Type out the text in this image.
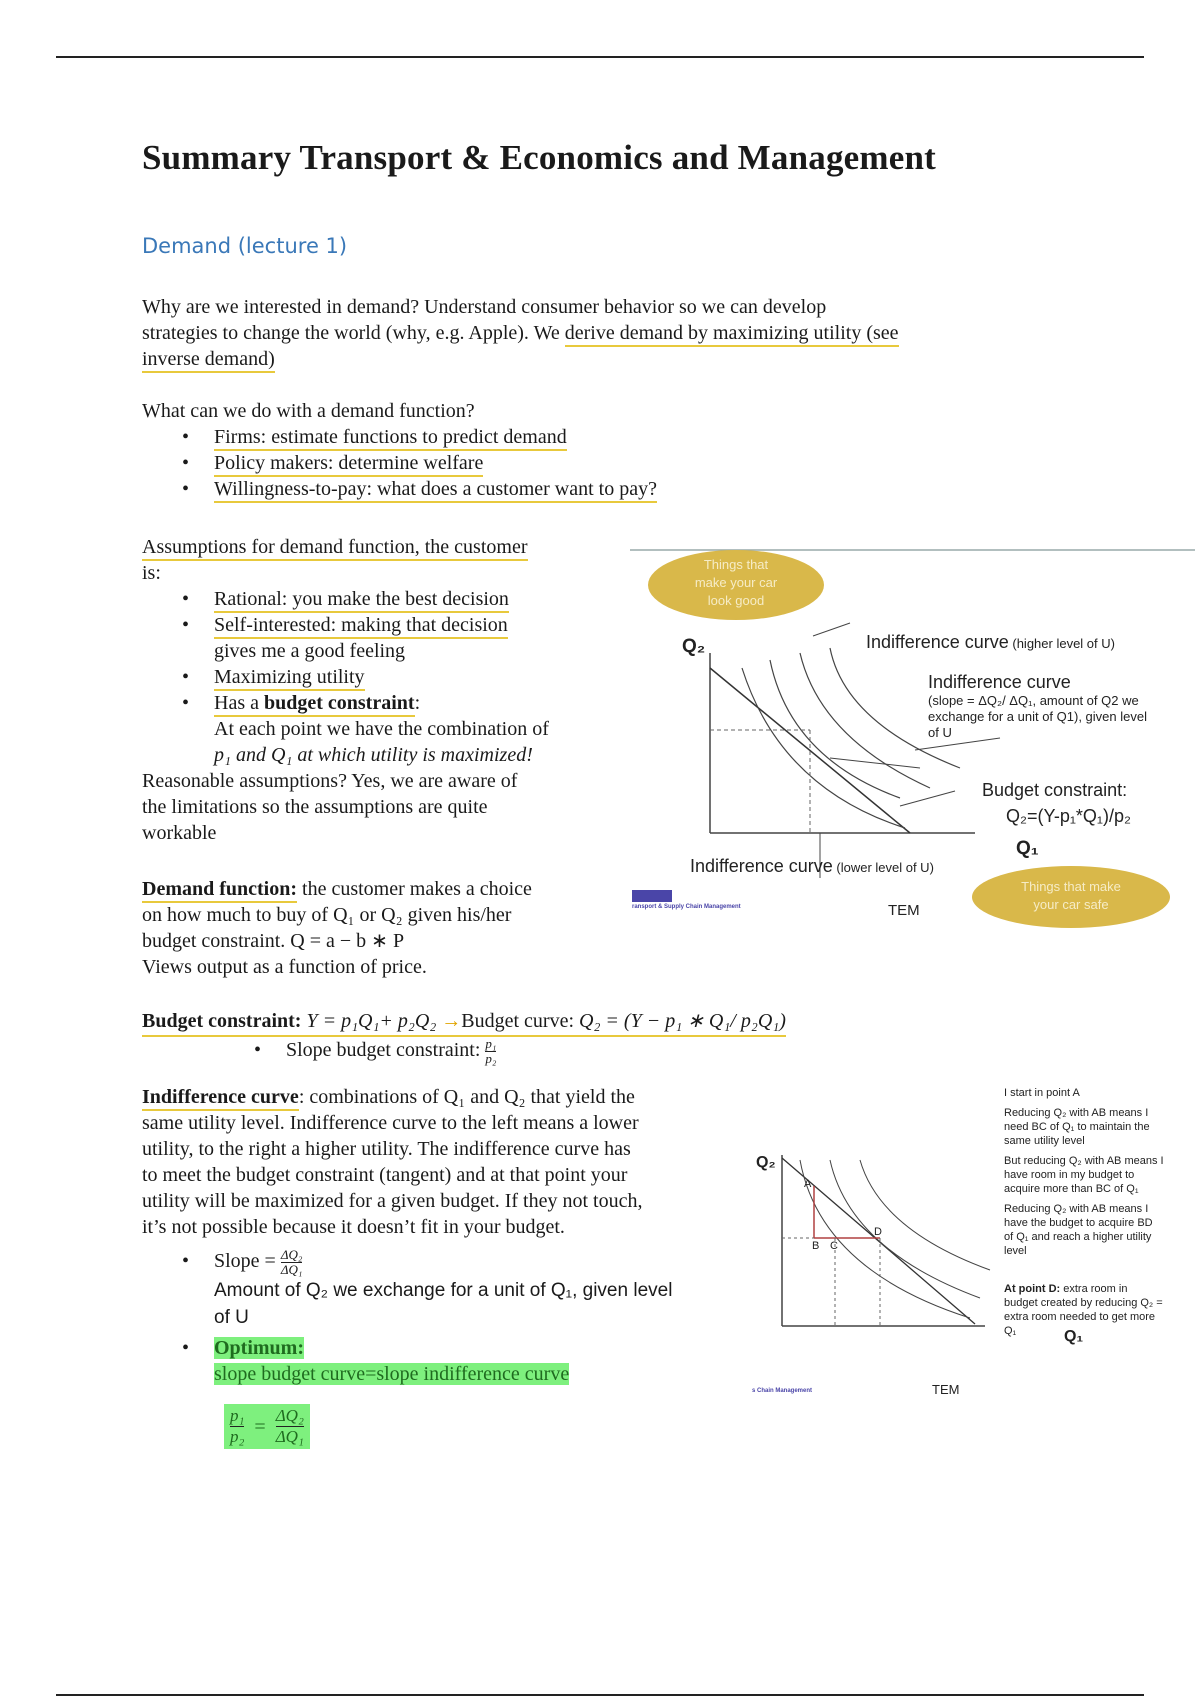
Summary Transport & Economics and Management
Demand (lecture 1)
Why are we interested in demand? Understand consumer behavior so we can develop
strategies to change the world (why, e.g. Apple). We derive demand by maximizing utility (see
inverse demand)
What can we do with a demand function?
• Firms: estimate functions to predict demand
• Policy makers: determine welfare
• Willingness-to-pay: what does a customer want to pay?
Assumptions for demand function, the customer
is:
• Rational: you make the best decision
• Self-interested: making that decision
gives me a good feeling
• Maximizing utility
• Has a budget constraint:
At each point we have the combination of
p₁ and Q₁ at which utility is maximized!
Reasonable assumptions? Yes, we are aware of
the limitations so the assumptions are quite
workable
Demand function: the customer makes a choice
on how much to buy of Q₁ or Q₂ given his/her
budget constraint. Q = a − b ∗ P
Views output as a function of price.
Budget constraint: Y = p₁Q₁+ p₂Q₂ →Budget curve: Q₂ = (Y − p₁ ∗ Q₁/ p₂Q₁)
• Slope budget constraint: $\frac{\text{p₁}}{\text{p₂}}$
Indifference curve: combinations of Q₁ and Q₂ that yield the
same utility level. Indifference curve to the left means a lower
utility, to the right a higher utility. The indifference curve has
to meet the budget constraint (tangent) and at that point your
utility will be maximized for a given budget. If they not touch,
it’s not possible because it doesn’t fit in your budget.
• Slope = $\frac{\text{ΔQ₂}}{\text{ΔQ₁}}$

Amount of Q₂ we exchange for a unit of Q₁, given level
of U
• Optimum:
slope budget curve=slope indifference curve
$\frac{\text{p₁}}{\text{p₂}} = \frac{\text{ΔQ₂}}{\text{ΔQ₁}}$
Things that
make your car
look good
Things that make
your car safe
Q₂
Q₁
Indifference curve (higher level of U)
Indifference curve
(slope = ΔQ₂/ ΔQ₁, amount of Q2 we
exchange for a unit of Q1), given level
of U
Budget constraint:
Q₂=(Y-p₁*Q₁)/p₂
Indifference curve (lower level of U)
ransport & Supply Chain Management	TEM
Q₂
Q₁
A
B C
D
I start in point A
Reducing Q₂ with AB means I need BC of Q₁ to maintain the same utility level
But reducing Q₂ with AB means I have room in my budget to acquire more than BC of Q₁
Reducing Q₂ with AB means I have the budget to acquire BD of Q₁ and reach a higher utility level
At point D: extra room in budget created by reducing Q₂ = extra room needed to get more Q₁
s Chain Management	TEM
